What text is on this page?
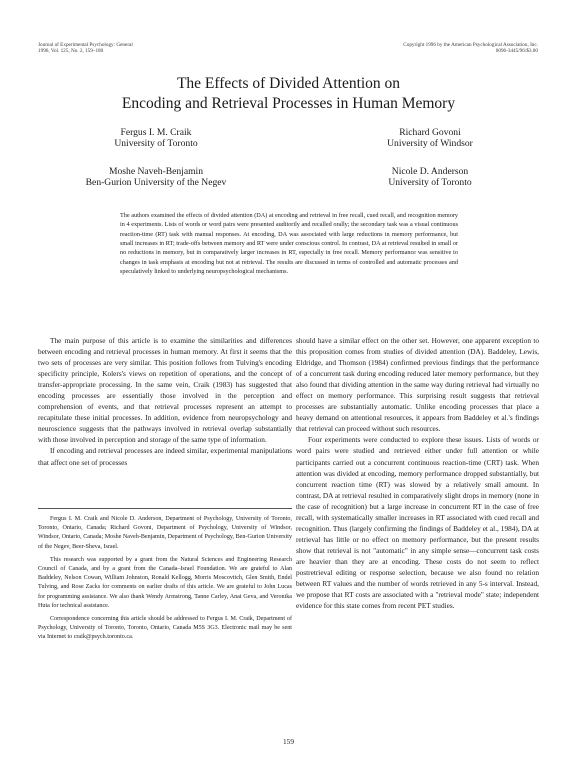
Journal of Experimental Psychology: General
1996, Vol. 125, No. 2, 159–180
Copyright 1996 by the American Psychological Association, Inc.
0096-3445/96/$3.00
The Effects of Divided Attention on
Encoding and Retrieval Processes in Human Memory
Fergus I. M. Craik
University of Toronto
Richard Govoni
University of Windsor
Moshe Naveh-Benjamin
Ben-Gurion University of the Negev
Nicole D. Anderson
University of Toronto
The authors examined the effects of divided attention (DA) at encoding and retrieval in free recall, cued recall, and recognition memory in 4 experiments. Lists of words or word pairs were presented auditorily and recalled orally; the secondary task was a visual continuous reaction-time (RT) task with manual responses. At encoding, DA was associated with large reductions in memory performance, but small increases in RT; trade-offs between memory and RT were under conscious control. In contrast, DA at retrieval resulted in small or no reductions in memory, but in comparatively larger increases in RT, especially in free recall. Memory performance was sensitive to changes in task emphasis at encoding but not at retrieval. The results are discussed in terms of controlled and automatic processes and speculatively linked to underlying neuropsychological mechanisms.

The main purpose of this article is to examine the similarities and differences between encoding and retrieval processes in human memory. At first it seems that the two sets of processes are very similar. This position follows from Tulving's encoding specificity principle, Kolers's views on repetition of operations, and the concept of transfer-appropriate processing. In the same vein, Craik (1983) has suggested that encoding processes are essentially those involved in the perception and comprehension of events, and that retrieval processes represent an attempt to recapitulate these initial processes. In addition, evidence from neuropsychology and neuroscience suggests that the pathways involved in retrieval overlap substantially with those involved in perception and storage of the same type of information.

If encoding and retrieval processes are indeed similar, experimental manipulations that affect one set of processes

Fergus I. M. Craik and Nicole D. Anderson, Department of Psychology, University of Toronto, Toronto, Ontario, Canada; Richard Govoni, Department of Psychology, University of Windsor, Windsor, Ontario, Canada; Moshe Naveh-Benjamin, Department of Psychology, Ben-Gurion University of the Negev, Beer-Sheva, Israel.

This research was supported by a grant from the Natural Sciences and Engineering Research Council of Canada, and by a grant from the Canada–Israel Foundation. We are grateful to Alan Baddeley, Nelson Cowan, William Johnston, Ronald Kellogg, Morris Moscovitch, Glen Smith, Endel Tulving, and Rose Zacks for comments on earlier drafts of this article. We are grateful to John Lucas for programming assistance. We also thank Wendy Armstrong, Tanne Carley, Anat Geva, and Veronika Huta for technical assistance.

Correspondence concerning this article should be addressed to Fergus I. M. Craik, Department of Psychology, University of Toronto, Toronto, Ontario, Canada M5S 3G3. Electronic mail may be sent via Internet to craik@psych.toronto.ca.

should have a similar effect on the other set. However, one apparent exception to this proposition comes from studies of divided attention (DA). Baddeley, Lewis, Eldridge, and Thomson (1984) confirmed previous findings that the performance of a concurrent task during encoding reduced later memory performance, but they also found that dividing attention in the same way during retrieval had virtually no effect on memory performance. This surprising result suggests that retrieval processes are substantially automatic. Unlike encoding processes that place a heavy demand on attentional resources, it appears from Baddeley et al.'s findings that retrieval can proceed without such resources.

Four experiments were conducted to explore these issues. Lists of words or word pairs were studied and retrieved either under full attention or while participants carried out a concurrent continuous reaction-time (CRT) task. When attention was divided at encoding, memory performance dropped substantially, but concurrent reaction time (RT) was slowed by a relatively small amount. In contrast, DA at retrieval resulted in comparatively slight drops in memory (none in the case of recognition) but a large increase in concurrent RT in the case of free recall, with systematically smaller increases in RT associated with cued recall and recognition. Thus (largely confirming the findings of Baddeley et al., 1984), DA at retrieval has little or no effect on memory performance, but the present results show that retrieval is not "automatic" in any simple sense—concurrent task costs are heavier than they are at encoding. These costs do not seem to reflect postretrieval editing or response selection, because we also found no relation between RT values and the number of words retrieved in any 5-s interval. Instead, we propose that RT costs are associated with a "retrieval mode" state; independent evidence for this state comes from recent PET studies.

159
